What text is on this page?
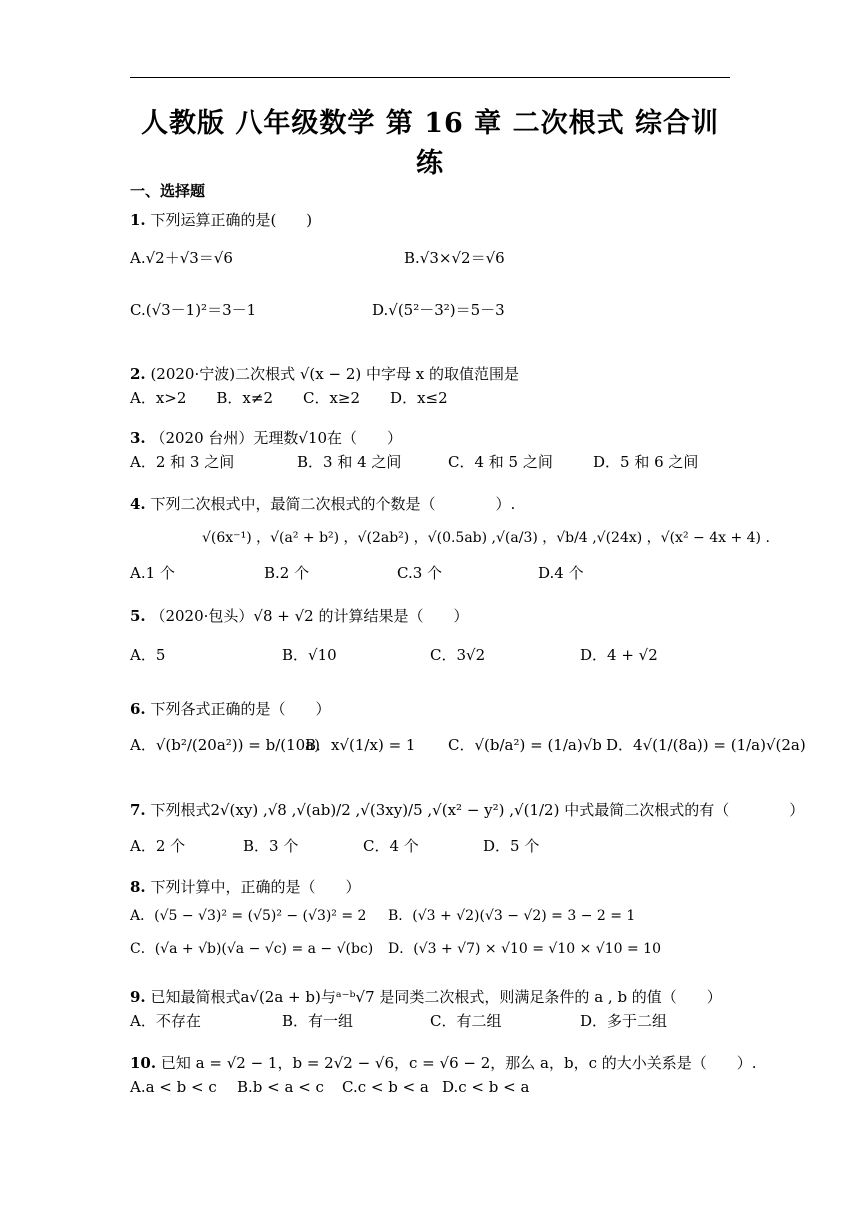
人教版 八年级数学 第 16 章 二次根式 综合训
练
一、选择题
1. 下列运算正确的是(　　)
A.√2＋√3＝√6	B.√3×√2＝√6
C.(√3－1)²＝3－1	D.√(5²－3²)＝5－3
2. (2020·宁波)二次根式 √(x − 2) 中字母 x 的取值范围是
A．x>2　　B．x≠2　　C．x≥2　　D．x≤2
3. （2020 台州）无理数√10在（　　）
A．2 和 3 之间	B．3 和 4 之间	C．4 和 5 之间	D．5 和 6 之间
4. 下列二次根式中，最简二次根式的个数是（　　　　）.
√(6x⁻¹) ，√(a² + b²) ，√(2ab²) ，√(0.5ab) ,√(a/3) ，√b/4 ,√(24x) ，√(x² − 4x + 4) .
A.1 个	B.2 个	C.3 个	D.4 个
5. （2020·包头）√8 + √2 的计算结果是（　　）
A．5	B．√10	C．3√2	D．4 + √2
6. 下列各式正确的是（　　）
A．√(b²/(20a²)) = b/(10a)
B．x√(1/x) = 1 C．√(b/a²) = (1/a)√b D．4√(1/(8a)) = (1/a)√(2a)
7. 下列根式2√(xy) ,√8 ,√(ab)/2 ,√(3xy)/5 ,√(x² − y²) ,√(1/2) 中式最简二次根式的有（　　　　）
A．2 个	B．3 个	C．4 个	D．5 个
8. 下列计算中，正确的是（　　）
A．(√5 − √3)² = (√5)² − (√3)² = 2 B．(√3 + √2)(√3 − √2) = 3 − 2 = 1
C．(√a + √b)(√a − √c) = a − √(bc) D．(√3 + √7) × √10 = √10 × √10 = 10
9. 已知最简根式a√(2a + b)与ᵃ⁻ᵇ√7 是同类二次根式，则满足条件的 a , b 的值（　　）
A．不存在	B．有一组	C．有二组	D．多于二组
10. 已知 a = √2 − 1，b = 2√2 − √6，c = √6 − 2，那么 a，b，c 的大小关系是（　　）.
A.a < b < c B.b < a < c C.c < b < a D.c < b < a
